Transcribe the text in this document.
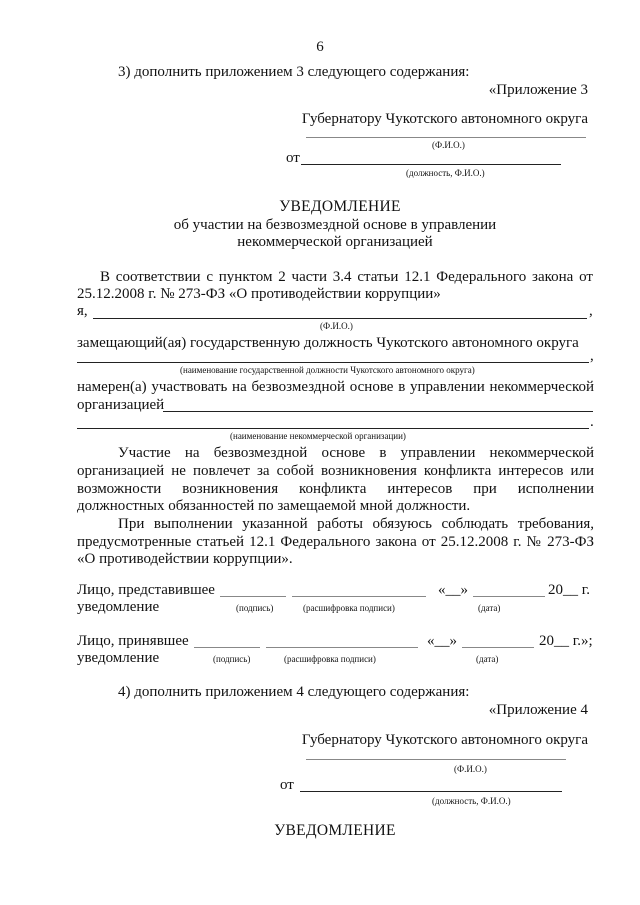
6
3) дополнить приложением 3 следующего содержания:
«Приложение 3
Губернатору Чукотского автономного округа
(Ф.И.О.)
от
(должность, Ф.И.О.)
УВЕДОМЛЕНИЕ
об участии на безвозмездной основе в управлении
некоммерческой организацией
В соответствии с пунктом 2 части 3.4 статьи 12.1 Федерального закона от
25.12.2008 г. № 273-ФЗ «О противодействии коррупции»
я,	,
(Ф.И.О.)
замещающий(ая) государственную должность Чукотского автономного округа
,
(наименование государственной должности Чукотского автономного округа)
намерен(а) участвовать на безвозмездной основе в управлении некоммерческой
организацией
.
(наименование некоммерческой организации)
Участие на безвозмездной основе в управлении некоммерческой
организацией не повлечет за собой возникновения конфликта интересов или
возможности возникновения конфликта интересов при исполнении
должностных обязанностей по замещаемой мной должности.
При выполнении указанной работы обязуюсь соблюдать требования,
предусмотренные статьей 12.1 Федерального закона от 25.12.2008 г. № 273-ФЗ
«О противодействии коррупции».
Лицо, представившее
уведомление
«__»	20__ г.
(подпись)	(расшифровка подписи)	(дата)
Лицо, принявшее
уведомление
«__»	20__ г.»;
(подпись)	(расшифровка подписи)	(дата)
4) дополнить приложением 4 следующего содержания:
«Приложение 4
Губернатору Чукотского автономного округа
(Ф.И.О.)
от
(должность, Ф.И.О.)
УВЕДОМЛЕНИЕ
